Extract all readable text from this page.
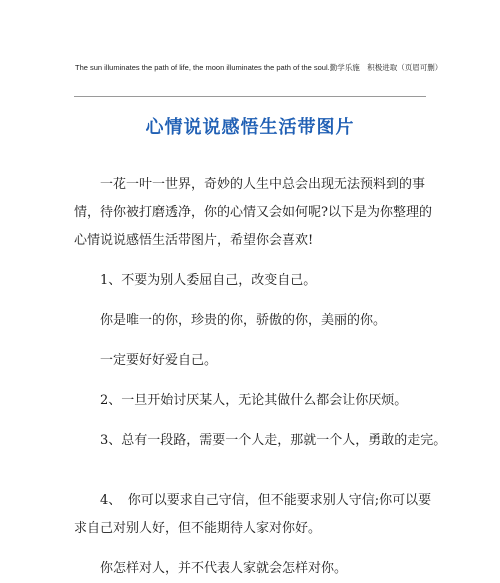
The sun illuminates the path of life, the moon illuminates the path of the soul.勤学乐施　积极进取（页眉可删）
心情说说感悟生活带图片
一花一叶一世界，奇妙的人生中总会出现无法预料到的事
情，待你被打磨透净，你的心情又会如何呢?以下是为你整理的
心情说说感悟生活带图片，希望你会喜欢!
1、不要为别人委屈自己，改变自己。
你是唯一的你，珍贵的你，骄傲的你，美丽的你。
一定要好好爱自己。
2、一旦开始讨厌某人，无论其做什么都会让你厌烦。
3、总有一段路，需要一个人走，那就一个人，勇敢的走完。
4、　你可以要求自己守信，但不能要求别人守信;你可以要
求自己对别人好，但不能期待人家对你好。
你怎样对人，并不代表人家就会怎样对你。
